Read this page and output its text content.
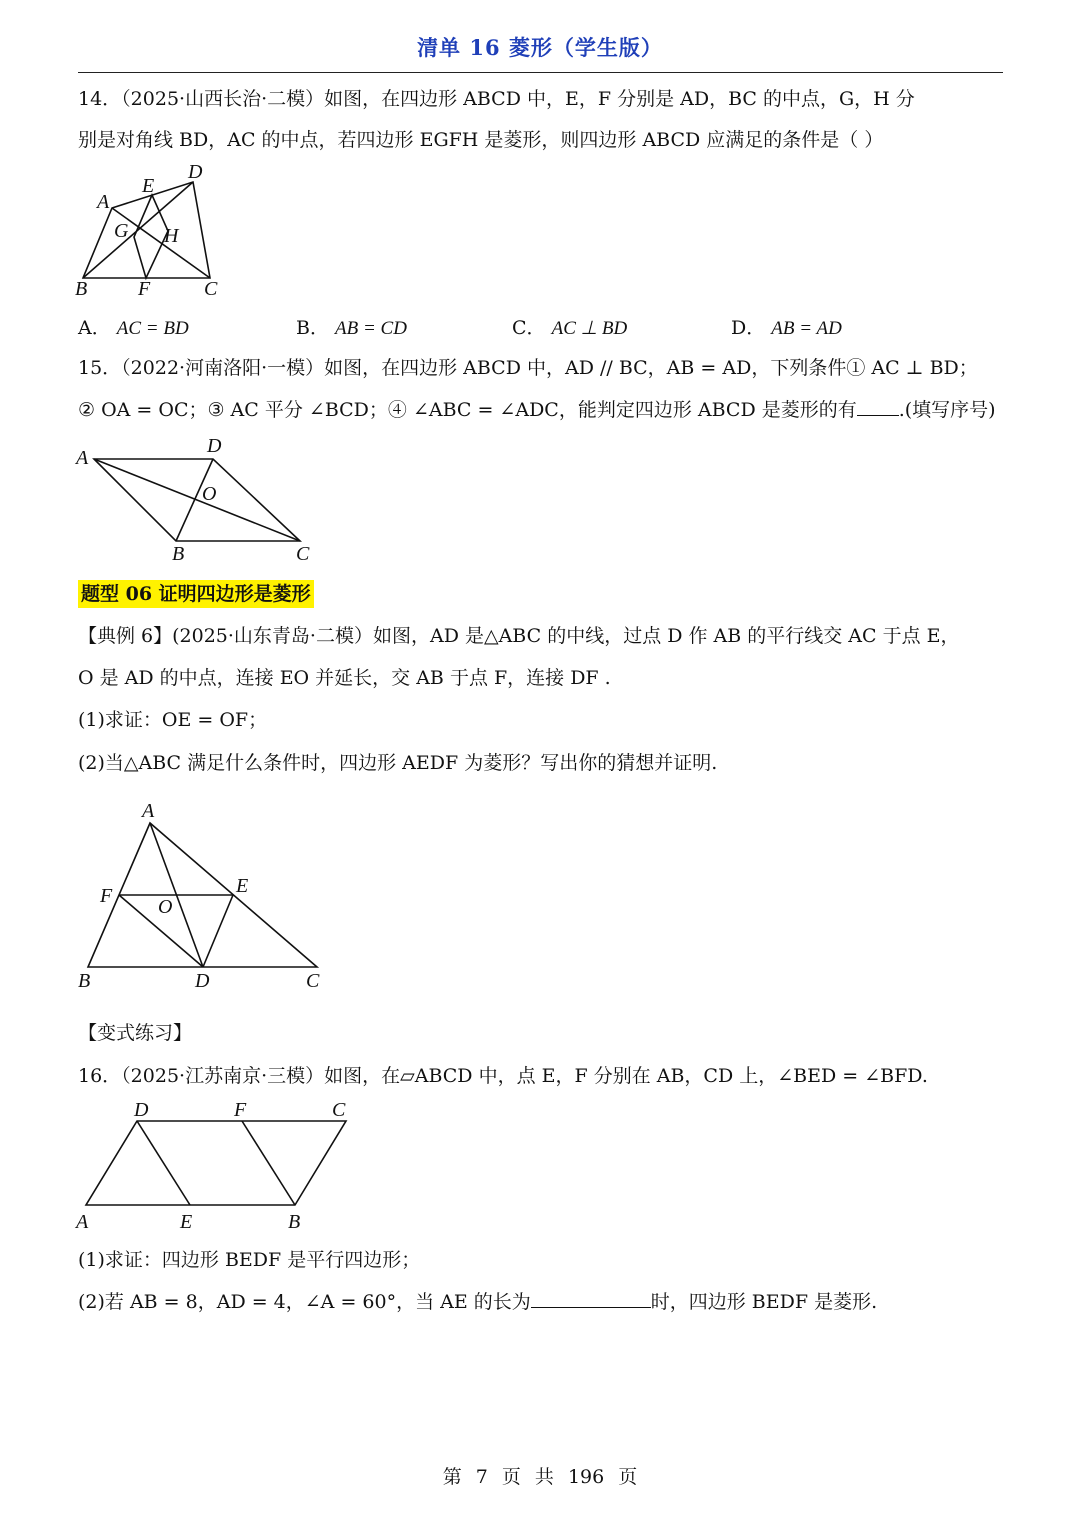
清单 16 菱形（学生版）
14．（2025·山西长治·二模）如图，在四边形 ABCD 中，E，F 分别是 AD，BC 的中点，G，H 分
别是对角线 BD，AC 的中点，若四边形 EGFH 是菱形，则四边形 ABCD 应满足的条件是（ ）
A
D
E
G H
B	F	C
A． AC = BD	B． AB = CD	C． AC ⊥ BD	D． AB = AD
15．（2022·河南洛阳·一模）如图，在四边形 ABCD 中，AD // BC，AB = AD，下列条件① AC ⊥ BD；
② OA = OC；③ AC 平分 ∠BCD；④ ∠ABC = ∠ADC，能判定四边形 ABCD 是菱形的有 .(填写序号)
A
D
O
B	C
题型 06 证明四边形是菱形
【典例 6】(2025·山东青岛·二模）如图，AD 是△ABC 的中线，过点 D 作 AB 的平行线交 AC 于点 E，
O 是 AD 的中点，连接 EO 并延长，交 AB 于点 F，连接 DF .
(1)求证：OE = OF；
(2)当△ABC 满足什么条件时，四边形 AEDF 为菱形？写出你的猜想并证明.
A
F	E
O
B	D	C
【变式练习】
16．（2025·江苏南京·三模）如图，在▱ABCD 中，点 E，F 分别在 AB，CD 上，∠BED = ∠BFD.
D	F	C
A	E	B
(1)求证：四边形 BEDF 是平行四边形；
(2)若 AB = 8，AD = 4，∠A = 60°，当 AE 的长为	时，四边形 BEDF 是菱形.
第 7 页 共 196 页
